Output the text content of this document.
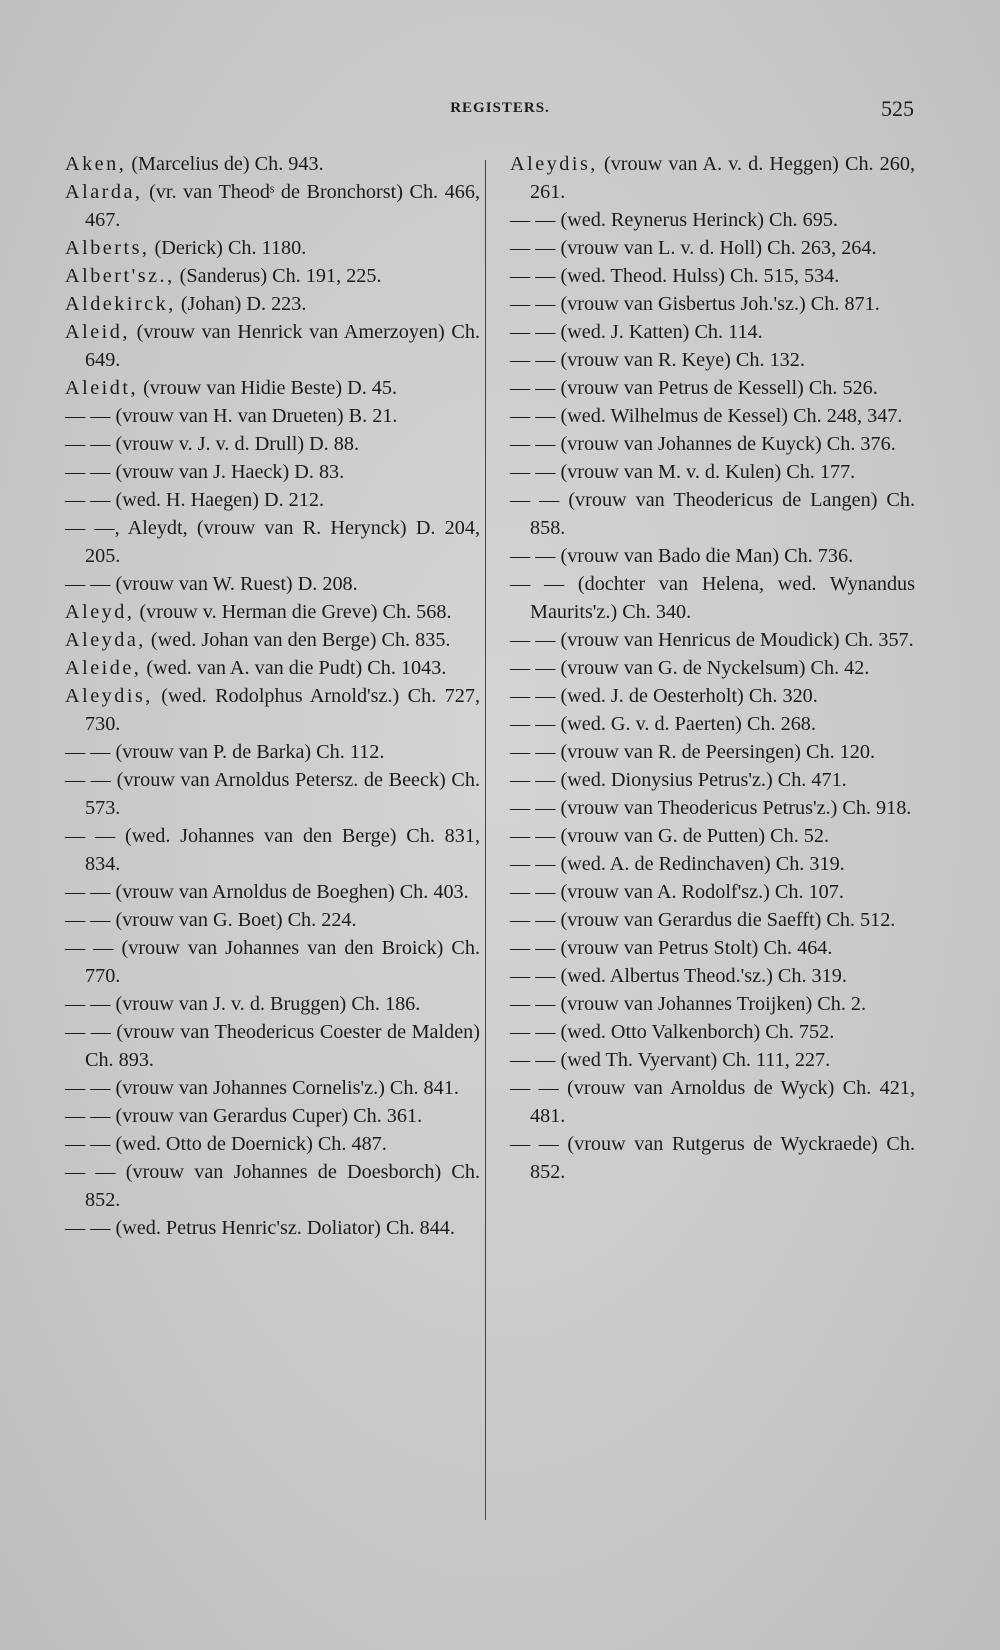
REGISTERS.	525

Aken, (Marcelius de) Ch. 943.

Alarda, (vr. van Theodˢ de Bronchorst) Ch. 466, 467.

Alberts, (Derick) Ch. 1180.

Albert'sz., (Sanderus) Ch. 191, 225.

Aldekirck, (Johan) D. 223.

Aleid, (vrouw van Henrick van Amerzoyen) Ch. 649.

Aleidt, (vrouw van Hidie Beste) D. 45.

— — (vrouw van H. van Drueten) B. 21.

— — (vrouw v. J. v. d. Drull) D. 88.

— — (vrouw van J. Haeck) D. 83.

— — (wed. H. Haegen) D. 212.

— —, Aleydt, (vrouw van R. Herynck) D. 204, 205.

— — (vrouw van W. Ruest) D. 208.

Aleyd, (vrouw v. Herman die Greve) Ch. 568.

Aleyda, (wed. Johan van den Berge) Ch. 835.

Aleide, (wed. van A. van die Pudt) Ch. 1043.

Aleydis, (wed. Rodolphus Arnold'sz.) Ch. 727, 730.

— — (vrouw van P. de Barka) Ch. 112.

— — (vrouw van Arnoldus Petersz. de Beeck) Ch. 573.

— — (wed. Johannes van den Berge) Ch. 831, 834.

— — (vrouw van Arnoldus de Boeghen) Ch. 403.

— — (vrouw van G. Boet) Ch. 224.

— — (vrouw van Johannes van den Broick) Ch. 770.

— — (vrouw van J. v. d. Bruggen) Ch. 186.

— — (vrouw van Theodericus Coester de Malden) Ch. 893.

— — (vrouw van Johannes Cornelis'z.) Ch. 841.

— — (vrouw van Gerardus Cuper) Ch. 361.

— — (wed. Otto de Doernick) Ch. 487.

— — (vrouw van Johannes de Doesborch) Ch. 852.

— — (wed. Petrus Henric'sz. Doliator) Ch. 844.

Aleydis, (vrouw van A. v. d. Heggen) Ch. 260, 261.

— — (wed. Reynerus Herinck) Ch. 695.

— — (vrouw van L. v. d. Holl) Ch. 263, 264.

— — (wed. Theod. Hulss) Ch. 515, 534.

— — (vrouw van Gisbertus Joh.'sz.) Ch. 871.

— — (wed. J. Katten) Ch. 114.

— — (vrouw van R. Keye) Ch. 132.

— — (vrouw van Petrus de Kessell) Ch. 526.

— — (wed. Wilhelmus de Kessel) Ch. 248, 347.

— — (vrouw van Johannes de Kuyck) Ch. 376.

— — (vrouw van M. v. d. Kulen) Ch. 177.

— — (vrouw van Theodericus de Langen) Ch. 858.

— — (vrouw van Bado die Man) Ch. 736.

— — (dochter van Helena, wed. Wynandus Maurits'z.) Ch. 340.

— — (vrouw van Henricus de Moudick) Ch. 357.

— — (vrouw van G. de Nyckelsum) Ch. 42.

— — (wed. J. de Oesterholt) Ch. 320.

— — (wed. G. v. d. Paerten) Ch. 268.

— — (vrouw van R. de Peersingen) Ch. 120.

— — (wed. Dionysius Petrus'z.) Ch. 471.

— — (vrouw van Theodericus Petrus'z.) Ch. 918.

— — (vrouw van G. de Putten) Ch. 52.

— — (wed. A. de Redinchaven) Ch. 319.

— — (vrouw van A. Rodolf'sz.) Ch. 107.

— — (vrouw van Gerardus die Saefft) Ch. 512.

— — (vrouw van Petrus Stolt) Ch. 464.

— — (wed. Albertus Theod.'sz.) Ch. 319.

— — (vrouw van Johannes Troijken) Ch. 2.

— — (wed. Otto Valkenborch) Ch. 752.

— — (wed Th. Vyervant) Ch. 111, 227.

— — (vrouw van Arnoldus de Wyck) Ch. 421, 481.

— — (vrouw van Rutgerus de Wyckraede) Ch. 852.
